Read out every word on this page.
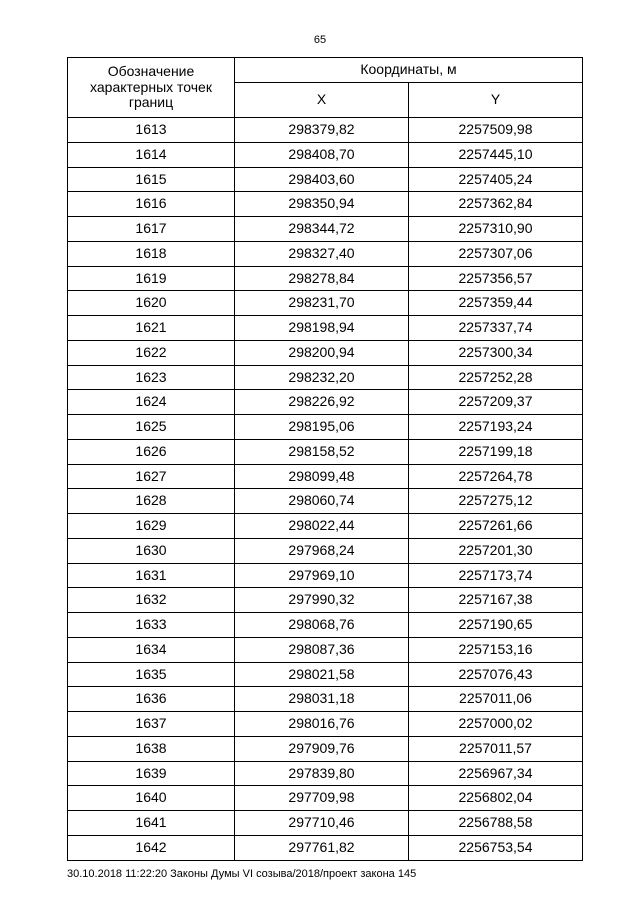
65
Обозначение характерных точек границ	Координаты, м	
	X	Y
1613	298379,82	2257509,98
1614	298408,70	2257445,10
1615	298403,60	2257405,24
1616	298350,94	2257362,84
1617	298344,72	2257310,90
1618	298327,40	2257307,06
1619	298278,84	2257356,57
1620	298231,70	2257359,44
1621	298198,94	2257337,74
1622	298200,94	2257300,34
1623	298232,20	2257252,28
1624	298226,92	2257209,37
1625	298195,06	2257193,24
1626	298158,52	2257199,18
1627	298099,48	2257264,78
1628	298060,74	2257275,12
1629	298022,44	2257261,66
1630	297968,24	2257201,30
1631	297969,10	2257173,74
1632	297990,32	2257167,38
1633	298068,76	2257190,65
1634	298087,36	2257153,16
1635	298021,58	2257076,43
1636	298031,18	2257011,06
1637	298016,76	2257000,02
1638	297909,76	2257011,57
1639	297839,80	2256967,34
1640	297709,98	2256802,04
1641	297710,46	2256788,58
1642	297761,82	2256753,54
30.10.2018 11:22:20 Законы Думы VI созыва/2018/проект закона 145
